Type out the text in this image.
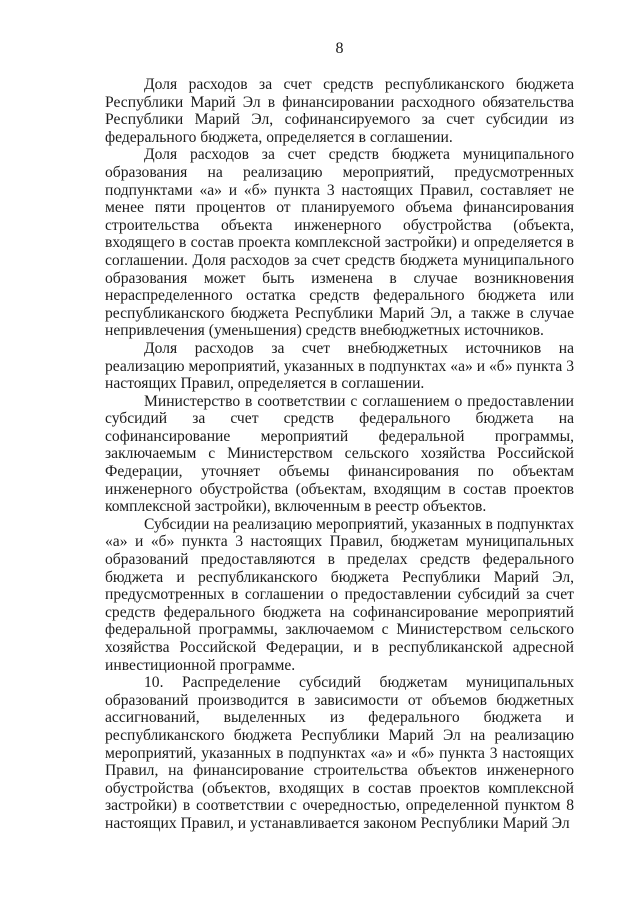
8

Доля расходов за счет средств республиканского бюджета Республики Марий Эл в финансировании расходного обязательства Республики Марий Эл, софинансируемого за счет субсидии из федерального бюджета, определяется в соглашении.

Доля расходов за счет средств бюджета муниципального образования на реализацию мероприятий, предусмотренных подпунктами «а» и «б» пункта 3 настоящих Правил, составляет не менее пяти процентов от планируемого объема финансирования строительства объекта инженерного обустройства (объекта, входящего в состав проекта комплексной застройки) и определяется в соглашении. Доля расходов за счет средств бюджета муниципального образования может быть изменена в случае возникновения нераспределенного остатка средств федерального бюджета или республиканского бюджета Республики Марий Эл, а также в случае непривлечения (уменьшения) средств внебюджетных источников.

Доля расходов за счет внебюджетных источников на реализацию мероприятий, указанных в подпунктах «а» и «б» пункта 3 настоящих Правил, определяется в соглашении.

Министерство в соответствии с соглашением о предоставлении субсидий за счет средств федерального бюджета на софинансирование мероприятий федеральной программы, заключаемым с Министерством сельского хозяйства Российской Федерации, уточняет объемы финансирования по объектам инженерного обустройства (объектам, входящим в состав проектов комплексной застройки), включенным в реестр объектов.

Субсидии на реализацию мероприятий, указанных в подпунктах «а» и «б» пункта 3 настоящих Правил, бюджетам муниципальных образований предоставляются в пределах средств федерального бюджета и республиканского бюджета Республики Марий Эл, предусмотренных в соглашении о предоставлении субсидий за счет средств федерального бюджета на софинансирование мероприятий федеральной программы, заключаемом с Министерством сельского хозяйства Российской Федерации, и в республиканской адресной инвестиционной программе.

10. Распределение субсидий бюджетам муниципальных образований производится в зависимости от объемов бюджетных ассигнований, выделенных из федерального бюджета и республиканского бюджета Республики Марий Эл на реализацию мероприятий, указанных в подпунктах «а» и «б» пункта 3 настоящих Правил, на финансирование строительства объектов инженерного обустройства (объектов, входящих в состав проектов комплексной застройки) в соответствии с очередностью, определенной пунктом 8 настоящих Правил, и устанавливается законом Республики Марий Эл
